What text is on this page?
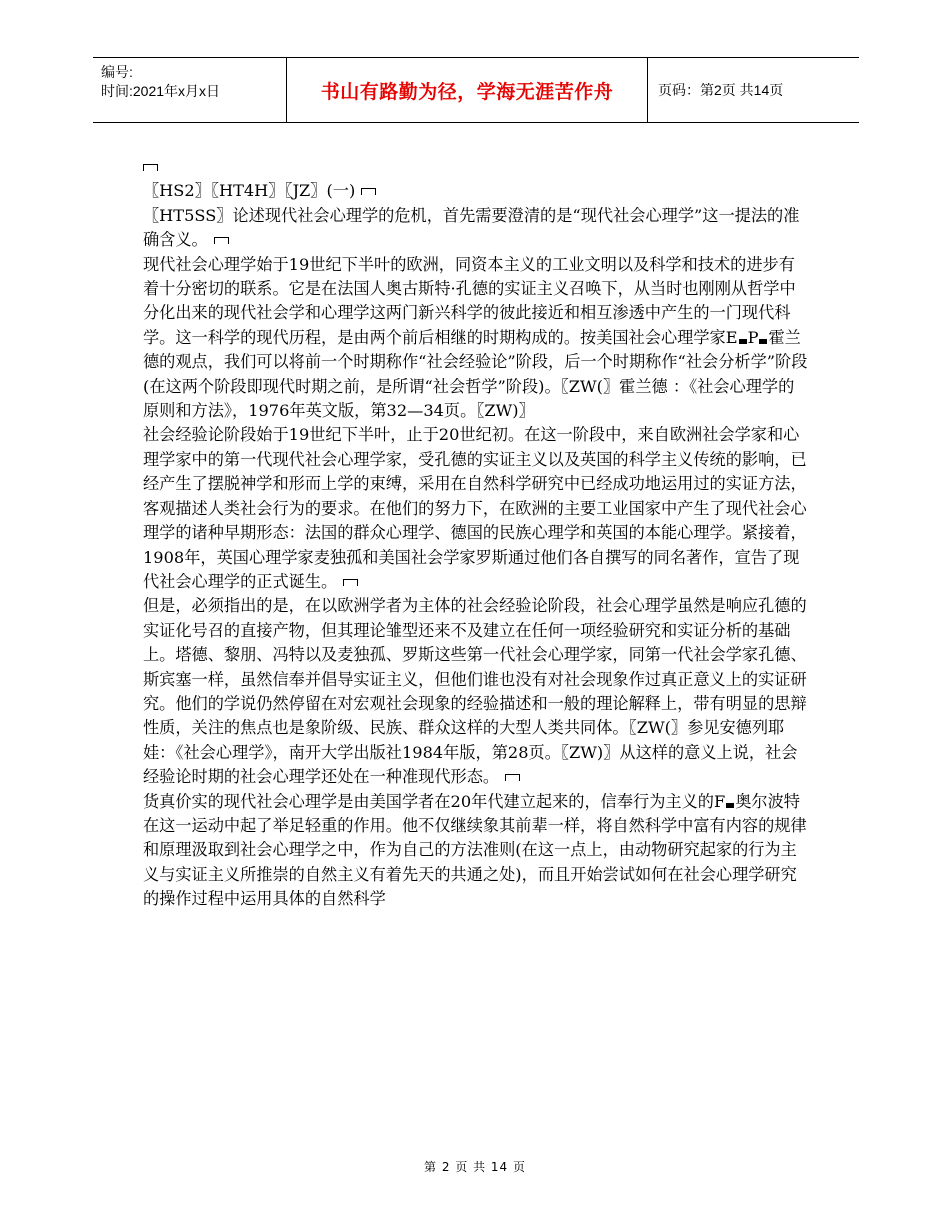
编号:
时间:2021年x月x日	书山有路勤为径，学海无涯苦作舟	页码：第2页 共14页

〖HS2〗〖HT4H〗〖JZ〗(一)

〖HT5SS〗论述现代社会心理学的危机，首先需要澄清的是“现代社会心理学”这一提法的准确含义。

现代社会心理学始于19世纪下半叶的欧洲，同资本主义的工业文明以及科学和技术的进步有着十分密切的联系。它是在法国人奥古斯特·孔德的实证主义召唤下，从当时也刚刚从哲学中分化出来的现代社会学和心理学这两门新兴科学的彼此接近和相互渗透中产生的一门现代科学。这一科学的现代历程，是由两个前后相继的时期构成的。按美国社会心理学家E P 霍兰德的观点，我们可以将前一个时期称作“社会经验论”阶段，后一个时期称作“社会分析学”阶段(在这两个阶段即现代时期之前，是所谓“社会哲学”阶段)。〖ZW(〗霍兰德 ：《社会心理学的原则和方法》，1976年英文版，第32—34页。〖ZW)〗

社会经验论阶段始于19世纪下半叶，止于20世纪初。在这一阶段中，来自欧洲社会学家和心理学家中的第一代现代社会心理学家，受孔德的实证主义以及英国的科学主义传统的影响，已经产生了摆脱神学和形而上学的束缚，采用在自然科学研究中已经成功地运用过的实证方法，客观描述人类社会行为的要求。在他们的努力下，在欧洲的主要工业国家中产生了现代社会心理学的诸种早期形态：法国的群众心理学、德国的民族心理学和英国的本能心理学。紧接着，1908年，英国心理学家麦独孤和美国社会学家罗斯通过他们各自撰写的同名著作，宣告了现代社会心理学的正式诞生。

但是，必须指出的是，在以欧洲学者为主体的社会经验论阶段，社会心理学虽然是响应孔德的实证化号召的直接产物，但其理论雏型还来不及建立在任何一项经验研究和实证分析的基础上。塔德、黎朋、冯特以及麦独孤、罗斯这些第一代社会心理学家，同第一代社会学家孔德、斯宾塞一样，虽然信奉并倡导实证主义，但他们谁也没有对社会现象作过真正意义上的实证研究。他们的学说仍然停留在对宏观社会现象的经验描述和一般的理论解释上，带有明显的思辩性质，关注的焦点也是象阶级、民族、群众这样的大型人类共同体。〖ZW(〗参见安德列耶娃：《社会心理学》，南开大学出版社1984年版，第28页。〖ZW)〗从这样的意义上说，社会经验论时期的社会心理学还处在一种准现代形态。

货真价实的现代社会心理学是由美国学者在20年代建立起来的，信奉行为主义的F 奥尔波特在这一运动中起了举足轻重的作用。他不仅继续象其前辈一样，将自然科学中富有内容的规律和原理汲取到社会心理学之中，作为自己的方法准则(在这一点上，由动物研究起家的行为主义与实证主义所推崇的自然主义有着先天的共通之处)，而且开始尝试如何在社会心理学研究的操作过程中运用具体的自然科学

第 2 页 共 14 页
